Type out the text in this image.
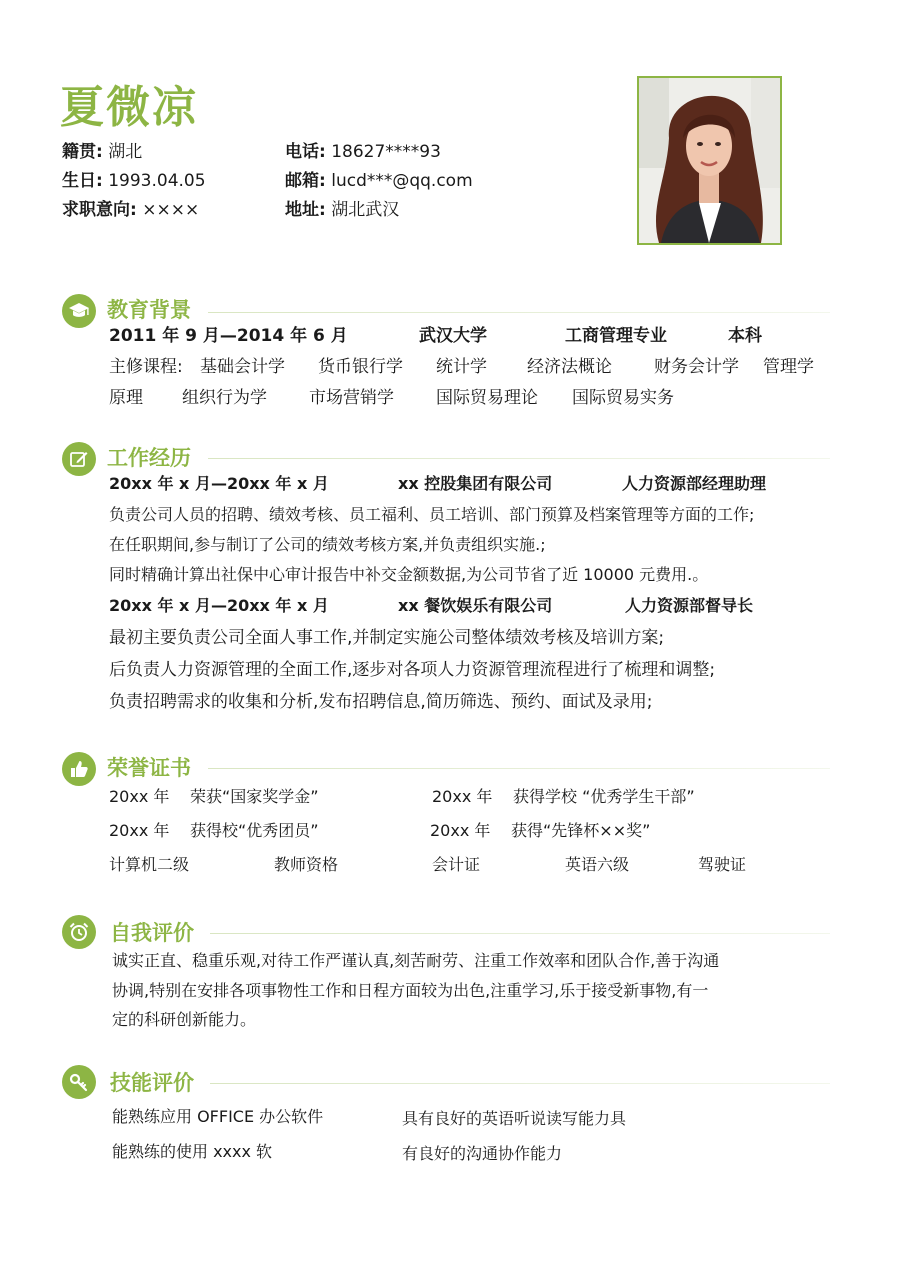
夏微凉
籍贯: 湖北
生日: 1993.04.05
求职意向: ××××
电话: 18627****93
邮箱: lucd***@qq.com
地址: 湖北武汉
教育背景
2011 年 9 月—2014 年 6 月	武汉大学	工商管理专业	本科
主修课程: 基础会计学 货币银行学 统计学 经济法概论 财务会计学 管理学
原理 组织行为学 市场营销学 国际贸易理论 国际贸易实务
工作经历
20xx 年 x 月—20xx 年 x 月	xx 控股集团有限公司	人力资源部经理助理
负责公司人员的招聘、绩效考核、员工福利、员工培训、部门预算及档案管理等方面的工作;
在任职期间,参与制订了公司的绩效考核方案,并负责组织实施.;
同时精确计算出社保中心审计报告中补交金额数据,为公司节省了近 10000 元费用.。
20xx 年 x 月—20xx 年 x 月	xx 餐饮娱乐有限公司	人力资源部督导长
最初主要负责公司全面人事工作,并制定实施公司整体绩效考核及培训方案;
后负责人力资源管理的全面工作,逐步对各项人力资源管理流程进行了梳理和调整;
负责招聘需求的收集和分析,发布招聘信息,简历筛选、预约、面试及录用;
荣誉证书
20xx 年 荣获“国家奖学金”	20xx 年 获得学校 “优秀学生干部”
20xx 年 获得校“优秀团员”	20xx 年 获得“先锋杯××奖”
计算机二级	教师资格	会计证	英语六级	驾驶证
自我评价
诚实正直、稳重乐观,对待工作严谨认真,刻苦耐劳、注重工作效率和团队合作,善于沟通
协调,特别在安排各项事物性工作和日程方面较为出色,注重学习,乐于接受新事物,有一
定的科研创新能力。
技能评价
能熟练应用 OFFICE 办公软件	具有良好的英语听说读写能力具
能熟练的使用 xxxx 软	有良好的沟通协作能力
